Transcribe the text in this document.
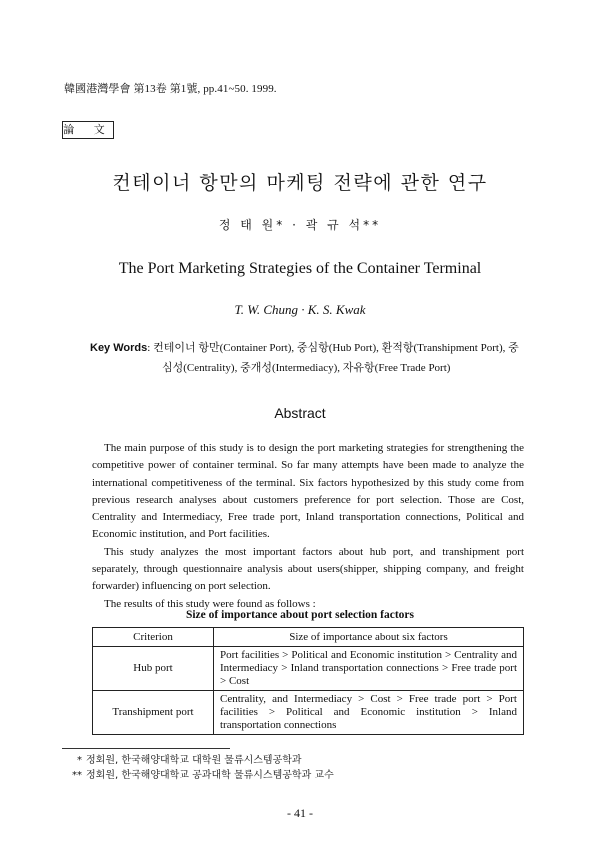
韓國港灣學會 第13卷 第1號, pp.41~50. 1999.
論 文
컨테이너 항만의 마케팅 전략에 관한 연구
정 태 원* · 곽 규 석**
The Port Marketing Strategies of the Container Terminal
T. W. Chung · K. S. Kwak
Key Words: 컨테이너 항만(Container Port), 중심항(Hub Port), 환적항(Transhipment Port), 중
심성(Centrality), 중개성(Intermediacy), 자유항(Free Trade Port)
Abstract

The main purpose of this study is to design the port marketing strategies for strengthening the competitive power of container terminal. So far many attempts have been made to analyze the international competitiveness of the terminal. Six factors hypothesized by this study come from previous research analyses about customers preference for port selection. Those are Cost, Centrality and Intermediacy, Free trade port, Inland transportation connections, Political and Economic institution, and Port facilities.

This study analyzes the most important factors about hub port, and transhipment port separately, through questionnaire analysis about users(shipper, shipping company, and freight forwarder) influencing on port selection.

The results of this study were found as follows :

Size of importance about port selection factors
Criterion	Size of importance about six factors
Hub port	Port facilities > Political and Economic institution > Centrality and Intermediacy > Inland transportation connections > Free trade port > Cost
Transhipment port	Centrality, and Intermediacy > Cost > Free trade port > Port facilities > Political and Economic institution > Inland transportation connections
* 정회원, 한국해양대학교 대학원 물류시스템공학과
** 정회원, 한국해양대학교 공과대학 물류시스템공학과 교수
- 41 -
